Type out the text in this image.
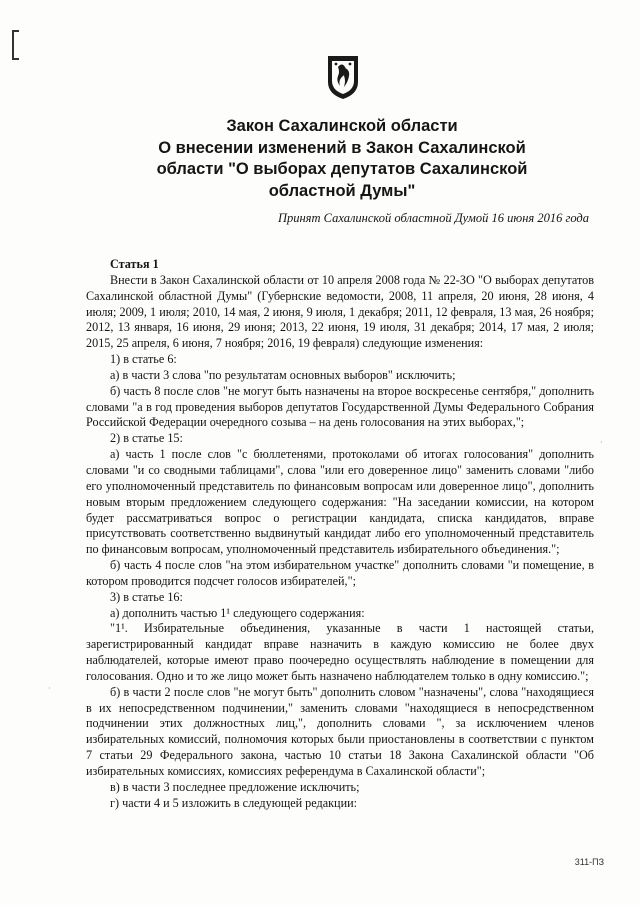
Закон Сахалинской области
О внесении изменений в Закон Сахалинской
области "О выборах депутатов Сахалинской
областной Думы"

Принят Сахалинской областной Думой 16 июня 2016 года

Статья 1

Внести в Закон Сахалинской области от 10 апреля 2008 года № 22-ЗО "О выборах депутатов Сахалинской областной Думы" (Губернские ведомости, 2008, 11 апреля, 20 июня, 28 июня, 4 июля; 2009, 1 июля; 2010, 14 мая, 2 июня, 9 июля, 1 декабря; 2011, 12 февраля, 13 мая, 26 ноября; 2012, 13 января, 16 июня, 29 июня; 2013, 22 июня, 19 июля, 31 декабря; 2014, 17 мая, 2 июля; 2015, 25 апреля, 6 июня, 7 ноября; 2016, 19 февраля) следующие изменения:

1) в статье 6:

а) в части 3 слова "по результатам основных выборов" исключить;

б) часть 8 после слов "не могут быть назначены на второе воскресенье сентября," дополнить словами "а в год проведения выборов депутатов Государственной Думы Федерального Собрания Российской Федерации очередного созыва – на день голосования на этих выборах,";

2) в статье 15:

а) часть 1 после слов "с бюллетенями, протоколами об итогах голосования" дополнить словами "и со сводными таблицами", слова "или его доверенное лицо" заменить словами "либо его уполномоченный представитель по финансовым вопросам или доверенное лицо", дополнить новым вторым предложением следующего содержания: "На заседании комиссии, на котором будет рассматриваться вопрос о регистрации кандидата, списка кандидатов, вправе присутствовать соответственно выдвинутый кандидат либо его уполномоченный представитель по финансовым вопросам, уполномоченный представитель избирательного объединения.";

б) часть 4 после слов "на этом избирательном участке" дополнить словами "и помещение, в котором проводится подсчет голосов избирателей,";

3) в статье 16:

а) дополнить частью 1¹ следующего содержания:

"1¹. Избирательные объединения, указанные в части 1 настоящей статьи, зарегистрированный кандидат вправе назначить в каждую комиссию не более двух наблюдателей, которые имеют право поочередно осуществлять наблюдение в помещении для голосования. Одно и то же лицо может быть назначено наблюдателем только в одну комиссию.";

б) в части 2 после слов "не могут быть" дополнить словом "назначены", слова "находящиеся в их непосредственном подчинении," заменить словами "находящиеся в непосредственном подчинении этих должностных лиц,", дополнить словами ", за исключением членов избирательных комиссий, полномочия которых были приостановлены в соответствии с пунктом 7 статьи 29 Федерального закона, частью 10 статьи 18 Закона Сахалинской области "Об избирательных комиссиях, комиссиях референдума в Сахалинской области";

в) в части 3 последнее предложение исключить;

г) части 4 и 5 изложить в следующей редакции:

·
·
311-ПЗ
